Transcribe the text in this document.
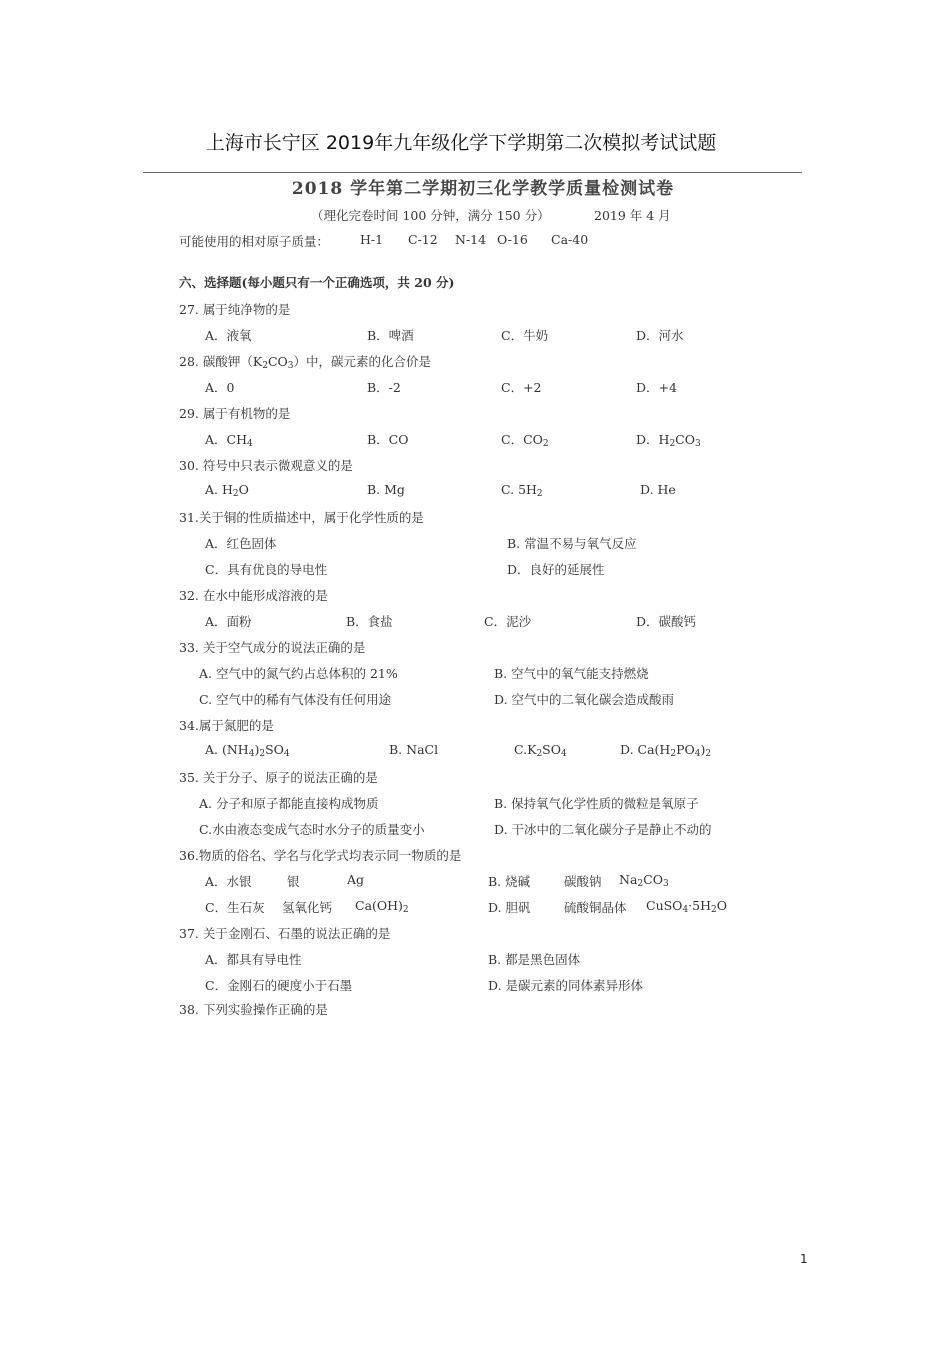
上海市长宁区 2019年九年级化学下学期第二次模拟考试试题
2018 学年第二学期初三化学教学质量检测试卷
（理化完卷时间 100 分钟，满分 150 分）	2019 年 4 月
可能使用的相对原子质量： H-1 C-12 N-14 O-16 Ca-40
六、选择题(每小题只有一个正确选项，共 20 分)
27. 属于纯净物的是
A．液氧	B．啤酒	C．牛奶	D．河水
28. 碳酸钾$(K_2CO_3)$中，碳元素的化合价是
A．0	B．-2	C．+2	D．+4
29. 属于有机物的是
A．$CH_4$	B．CO	C．$CO_2$	D．$H_2CO_3$
30. 符号中只表示微观意义的是
A. $H_2O$	B. Mg	C. $5H_2$	D. He
31.关于铜的性质描述中，属于化学性质的是
A．红色固体	B. 常温不易与氧气反应
C．具有优良的导电性	D．良好的延展性
32. 在水中能形成溶液的是
A．面粉	B．食盐	C．泥沙	D．碳酸钙
33. 关于空气成分的说法正确的是
A. 空气中的氮气约占总体积的 21%	B. 空气中的氧气能支持燃烧
C. 空气中的稀有气体没有任何用途	D. 空气中的二氧化碳会造成酸雨
34.属于氮肥的是
A. $(NH_4)_2SO_4$	B. NaCl	$C.K_2SO_4$	D. $Ca(H_2PO_4)_2$
35. 关于分子、原子的说法正确的是
A. 分子和原子都能直接构成物质	B. 保持氧气化学性质的微粒是氧原子
C.水由液态变成气态时水分子的质量变小	D. 干冰中的二氧化碳分子是静止不动的
36.物质的俗名、学名与化学式均表示同一物质的是
A．水银	银	Ag	B. 烧碱	碳酸钠 $Na_2CO_3$
C．生石灰 氢氧化钙 $Ca(OH)_2$	D. 胆矾	硫酸铜晶体 $CuSO_4\cdot 5H_2O$
37. 关于金刚石、石墨的说法正确的是
A．都具有导电性	B. 都是黑色固体
C．金刚石的硬度小于石墨	D. 是碳元素的同体素异形体
38. 下列实验操作正确的是
1
